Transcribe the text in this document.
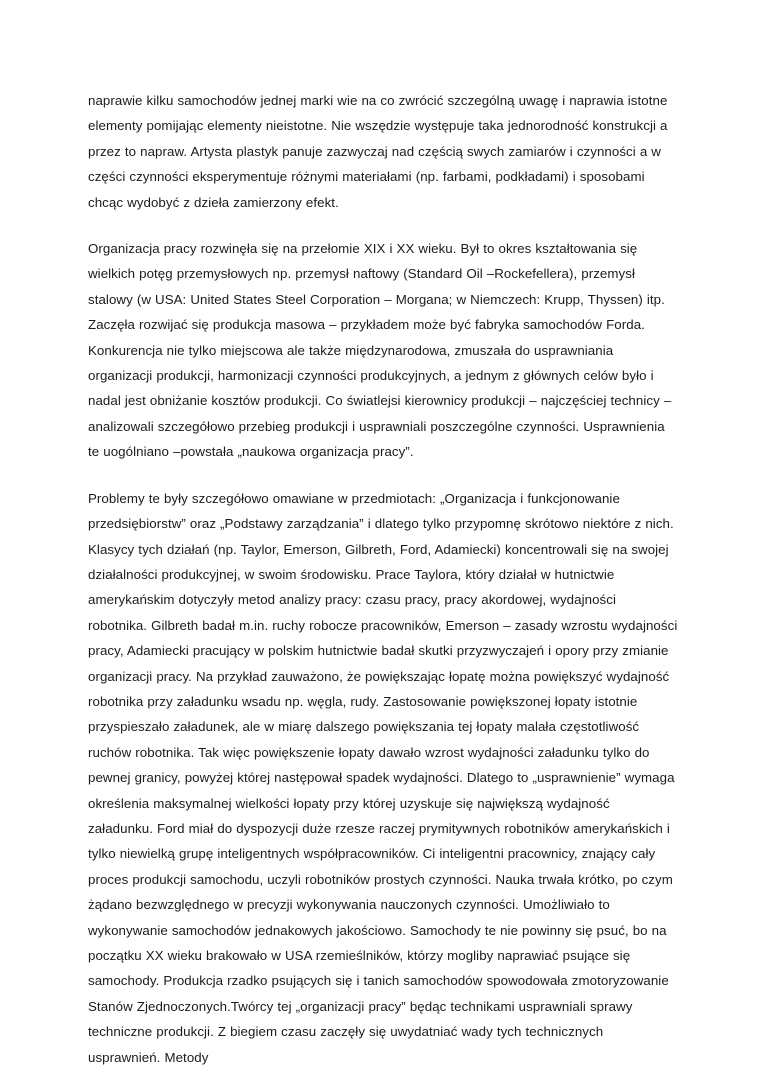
naprawie kilku samochodów jednej marki wie na co zwrócić szczególną uwagę i naprawia istotne elementy pomijając elementy nieistotne. Nie wszędzie występuje taka jednorodność konstrukcji a przez to napraw. Artysta plastyk panuje zazwyczaj nad częścią swych zamiarów i czynności a w części czynności eksperymentuje różnymi materiałami (np. farbami, podkładami) i sposobami chcąc wydobyć z dzieła zamierzony efekt.

Organizacja pracy rozwinęła się na przełomie XIX i XX wieku. Był to okres kształtowania się wielkich potęg przemysłowych np. przemysł naftowy (Standard Oil –Rockefellera), przemysł stalowy (w USA: United States Steel Corporation – Morgana; w Niemczech: Krupp, Thyssen) itp. Zaczęła rozwijać się produkcja masowa – przykładem może być fabryka samochodów Forda. Konkurencja nie tylko miejscowa ale także międzynarodowa, zmuszała do usprawniania organizacji produkcji, harmonizacji czynności produkcyjnych, a jednym z głównych celów było i nadal jest obniżanie kosztów produkcji. Co światlejsi kierownicy produkcji – najczęściej technicy – analizowali szczegółowo przebieg produkcji i usprawniali poszczególne czynności. Usprawnienia te uogólniano –powstała „naukowa organizacja pracy”.

Problemy te były szczegółowo omawiane w przedmiotach: „Organizacja i funkcjonowanie przedsiębiorstw” oraz „Podstawy zarządzania” i dlatego tylko przypomnę skrótowo niektóre z nich. Klasycy tych działań (np. Taylor, Emerson, Gilbreth, Ford, Adamiecki) koncentrowali się na swojej działalności produkcyjnej, w swoim środowisku. Prace Taylora, który działał w hutnictwie amerykańskim dotyczyły metod analizy pracy: czasu pracy, pracy akordowej, wydajności robotnika. Gilbreth badał m.in. ruchy robocze pracowników, Emerson – zasady wzrostu wydajności pracy, Adamiecki pracujący w polskim hutnictwie badał skutki przyzwyczajeń i opory przy zmianie organizacji pracy. Na przykład zauważono, że powiększając łopatę można powiększyć wydajność robotnika przy załadunku wsadu np. węgla, rudy. Zastosowanie powiększonej łopaty istotnie przyspieszało załadunek, ale w miarę dalszego powiększania tej łopaty malała częstotliwość ruchów robotnika. Tak więc powiększenie łopaty dawało wzrost wydajności załadunku tylko do pewnej granicy, powyżej której następował spadek wydajności. Dlatego to „usprawnienie” wymaga określenia maksymalnej wielkości łopaty przy której uzyskuje się największą wydajność załadunku. Ford miał do dyspozycji duże rzesze raczej prymitywnych robotników amerykańskich i tylko niewielką grupę inteligentnych współpracowników. Ci inteligentni pracownicy, znający cały proces produkcji samochodu, uczyli robotników prostych czynności. Nauka trwała krótko, po czym żądano bezwzględnego w precyzji wykonywania nauczonych czynności. Umożliwiało to wykonywanie samochodów jednakowych jakościowo. Samochody te nie powinny się psuć, bo na początku XX wieku brakowało w USA rzemieślników, którzy mogliby naprawiać psujące się samochody. Produkcja rzadko psujących się i tanich samochodów spowodowała zmotoryzowanie Stanów Zjednoczonych.Twórcy tej „organizacji pracy” będąc technikami usprawniali sprawy techniczne produkcji. Z biegiem czasu zaczęły się uwydatniać wady tych technicznych usprawnień. Metody
